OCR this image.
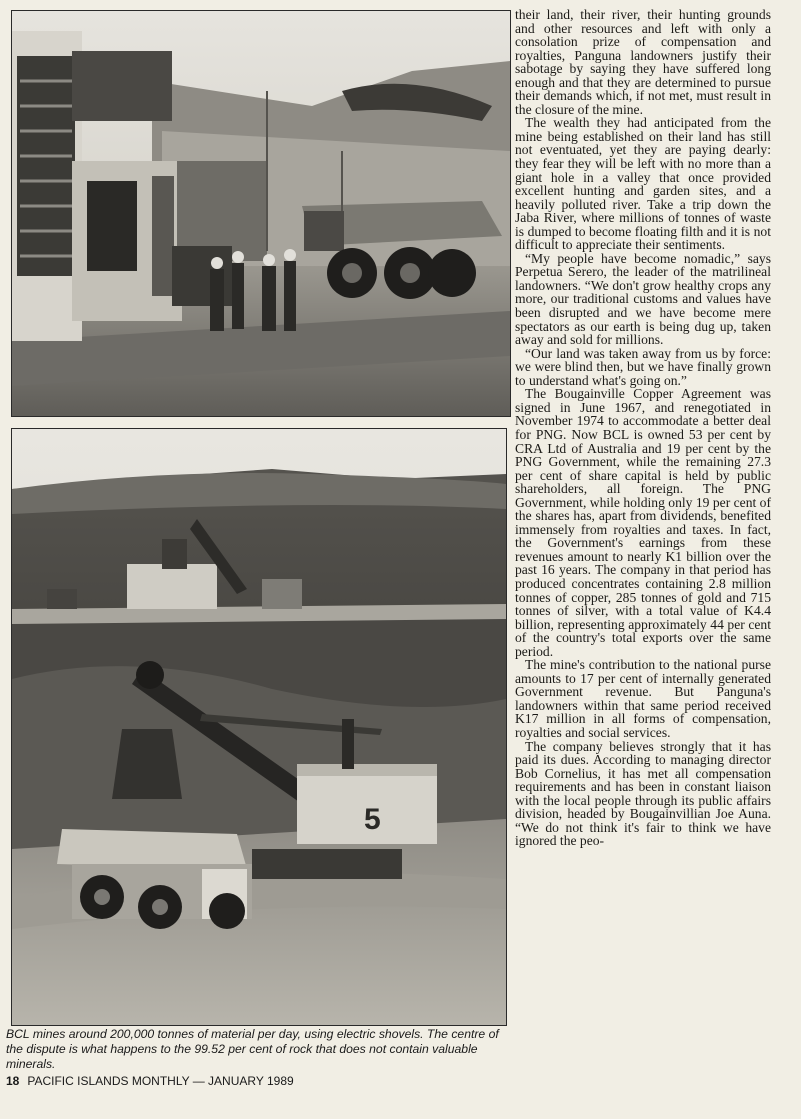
5

BCL mines around 200,000 tonnes of material per day, using electric shovels. The centre of the dispute is what happens to the 99.52 per cent of rock that does not contain valuable minerals.

18 PACIFIC ISLANDS MONTHLY — JANUARY 1989

their land, their river, their hunting grounds and other resources and left with only a consolation prize of compensation and royalties, Panguna landowners justify their sabotage by saying they have suffered long enough and that they are determined to pursue their demands which, if not met, must result in the closure of the mine.

The wealth they had anticipated from the mine being established on their land has still not eventuated, yet they are paying dearly: they fear they will be left with no more than a giant hole in a valley that once provided excellent hunting and garden sites, and a heavily polluted river. Take a trip down the Jaba River, where millions of tonnes of waste is dumped to become floating filth and it is not difficult to appreciate their sentiments.

“My people have become nomadic,” says Perpetua Serero, the leader of the matrilineal landowners. “We don't grow healthy crops any more, our traditional customs and values have been disrupted and we have become mere spectators as our earth is being dug up, taken away and sold for millions.

“Our land was taken away from us by force: we were blind then, but we have finally grown to understand what's going on.”

The Bougainville Copper Agreement was signed in June 1967, and renegotiated in November 1974 to accommodate a better deal for PNG. Now BCL is owned 53 per cent by CRA Ltd of Australia and 19 per cent by the PNG Government, while the remaining 27.3 per cent of share capital is held by public shareholders, all foreign. The PNG Government, while holding only 19 per cent of the shares has, apart from dividends, benefited immensely from royalties and taxes. In fact, the Government's earnings from these revenues amount to nearly K1 billion over the past 16 years. The company in that period has produced concentrates containing 2.8 million tonnes of copper, 285 tonnes of gold and 715 tonnes of silver, with a total value of K4.4 billion, representing approximately 44 per cent of the country's total exports over the same period.

The mine's contribution to the national purse amounts to 17 per cent of internally generated Government revenue. But Panguna's landowners within that same period received K17 million in all forms of compensation, royalties and social services.

The company believes strongly that it has paid its dues. According to managing director Bob Cornelius, it has met all compensation requirements and has been in constant liaison with the local people through its public affairs division, headed by Bougainvillian Joe Auna. “We do not think it's fair to think we have ignored the peo-
